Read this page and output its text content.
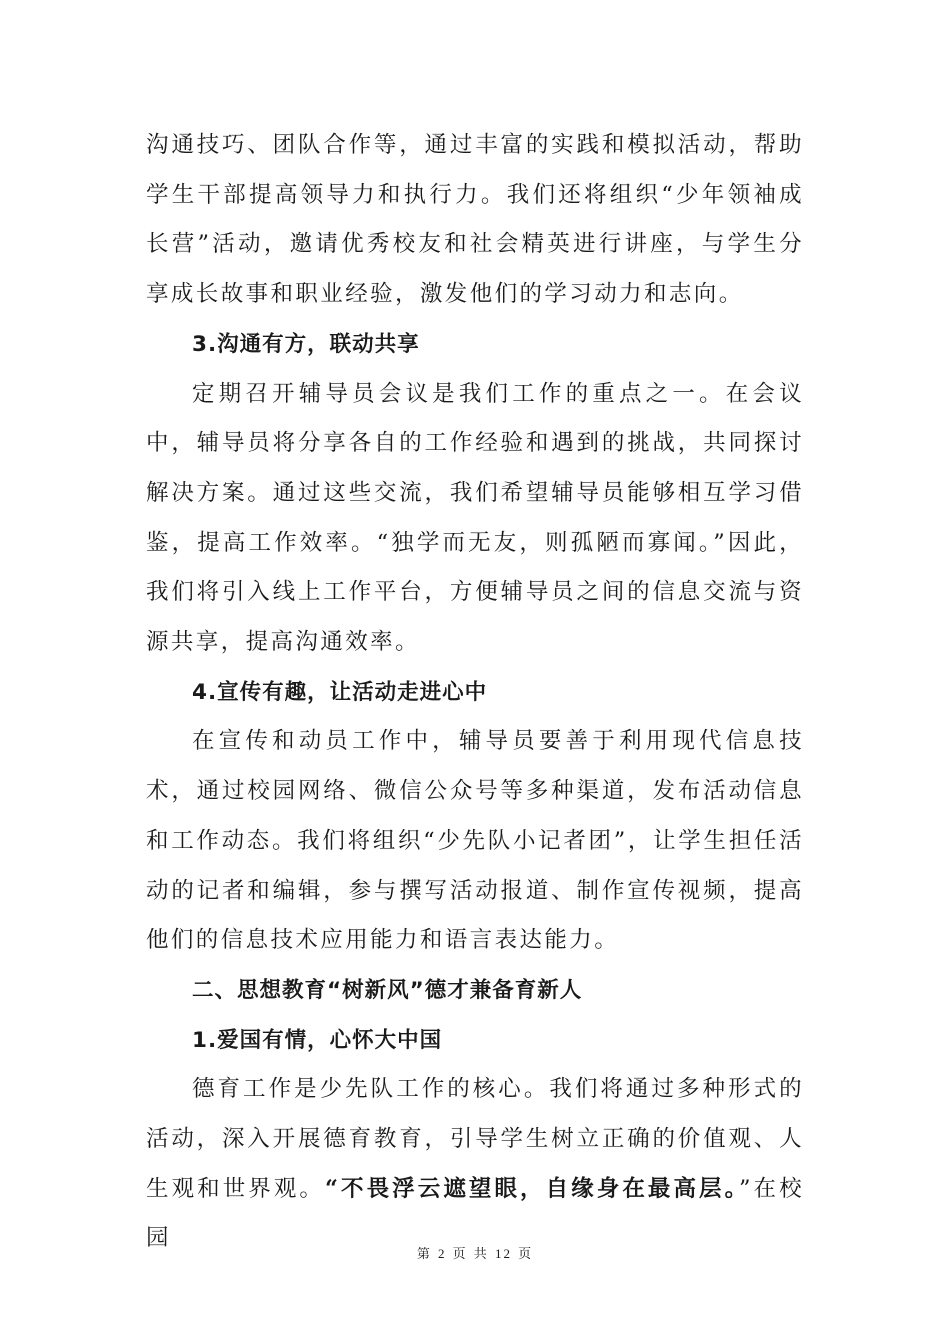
沟通技巧、团队合作等，通过丰富的实践和模拟活动，帮助学生干部提高领导力和执行力。我们还将组织“少年领袖成长营”活动，邀请优秀校友和社会精英进行讲座，与学生分享成长故事和职业经验，激发他们的学习动力和志向。

3.沟通有方，联动共享

定期召开辅导员会议是我们工作的重点之一。在会议中，辅导员将分享各自的工作经验和遇到的挑战，共同探讨解决方案。通过这些交流，我们希望辅导员能够相互学习借鉴，提高工作效率。“独学而无友，则孤陋而寡闻。”因此，我们将引入线上工作平台，方便辅导员之间的信息交流与资源共享，提高沟通效率。

4.宣传有趣，让活动走进心中

在宣传和动员工作中，辅导员要善于利用现代信息技术，通过校园网络、微信公众号等多种渠道，发布活动信息和工作动态。我们将组织“少先队小记者团”，让学生担任活动的记者和编辑，参与撰写活动报道、制作宣传视频，提高他们的信息技术应用能力和语言表达能力。

二、思想教育“树新风”德才兼备育新人

1.爱国有情，心怀大中国

德育工作是少先队工作的核心。我们将通过多种形式的活动，深入开展德育教育，引导学生树立正确的价值观、人生观和世界观。“不畏浮云遮望眼，自缘身在最高层。”在校园

第 2 页 共 12 页
